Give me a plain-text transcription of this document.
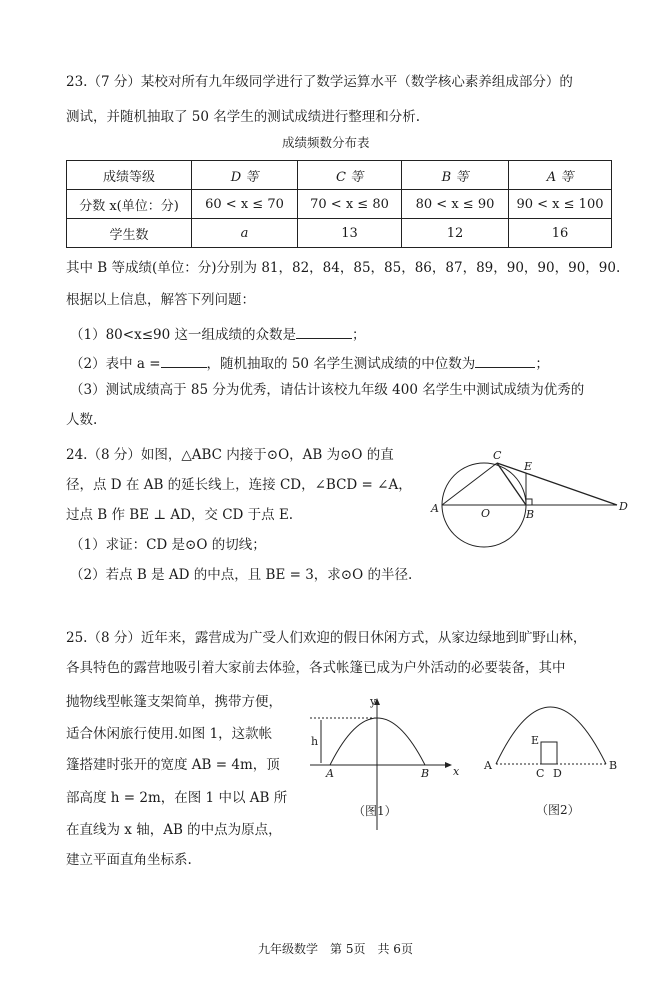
23.（7 分）某校对所有九年级同学进行了数学运算水平（数学核心素养组成部分）的
测试，并随机抽取了 50 名学生的测试成绩进行整理和分析.
成绩频数分布表
成绩等级	D 等	C 等	B 等	A 等
分数 x(单位：分)	60 < x ≤ 70	70 < x ≤ 80	80 < x ≤ 90	90 < x ≤ 100
学生数	a	13	12	16
其中 B 等成绩(单位：分)分别为 81，82，84，85，85，86，87，89，90，90，90，90.
根据以上信息，解答下列问题：
（1）80<x≤90 这一组成绩的众数是	；
（2）表中 a =	，随机抽取的 50 名学生测试成绩的中位数为	；
（3）测试成绩高于 85 分为优秀，请估计该校九年级 400 名学生中测试成绩为优秀的
人数.
24.（8 分）如图，△ABC 内接于⊙O，AB 为⊙O 的直
径，点 D 在 AB 的延长线上，连接 CD，∠BCD = ∠A，
过点 B 作 BE ⊥ AD，交 CD 于点 E.
（1）求证：CD 是⊙O 的切线；
（2）若点 B 是 AD 的中点，且 BE = 3，求⊙O 的半径.
A	B
C
D
E
O
y
x
h
A	B
（图1）
A	B
C D
E
（图2）
25.（8 分）近年来，露营成为广受人们欢迎的假日休闲方式，从家边绿地到旷野山林，
各具特色的露营地吸引着大家前去体验，各式帐篷已成为户外活动的必要装备，其中
抛物线型帐篷支架简单，携带方便，
适合休闲旅行使用.如图 1，这款帐
篷搭建时张开的宽度 AB = 4m，顶
部高度 h = 2m，在图 1 中以 AB 所
在直线为 x 轴，AB 的中点为原点，
建立平面直角坐标系.
九年级数学　第 5页　共 6页
